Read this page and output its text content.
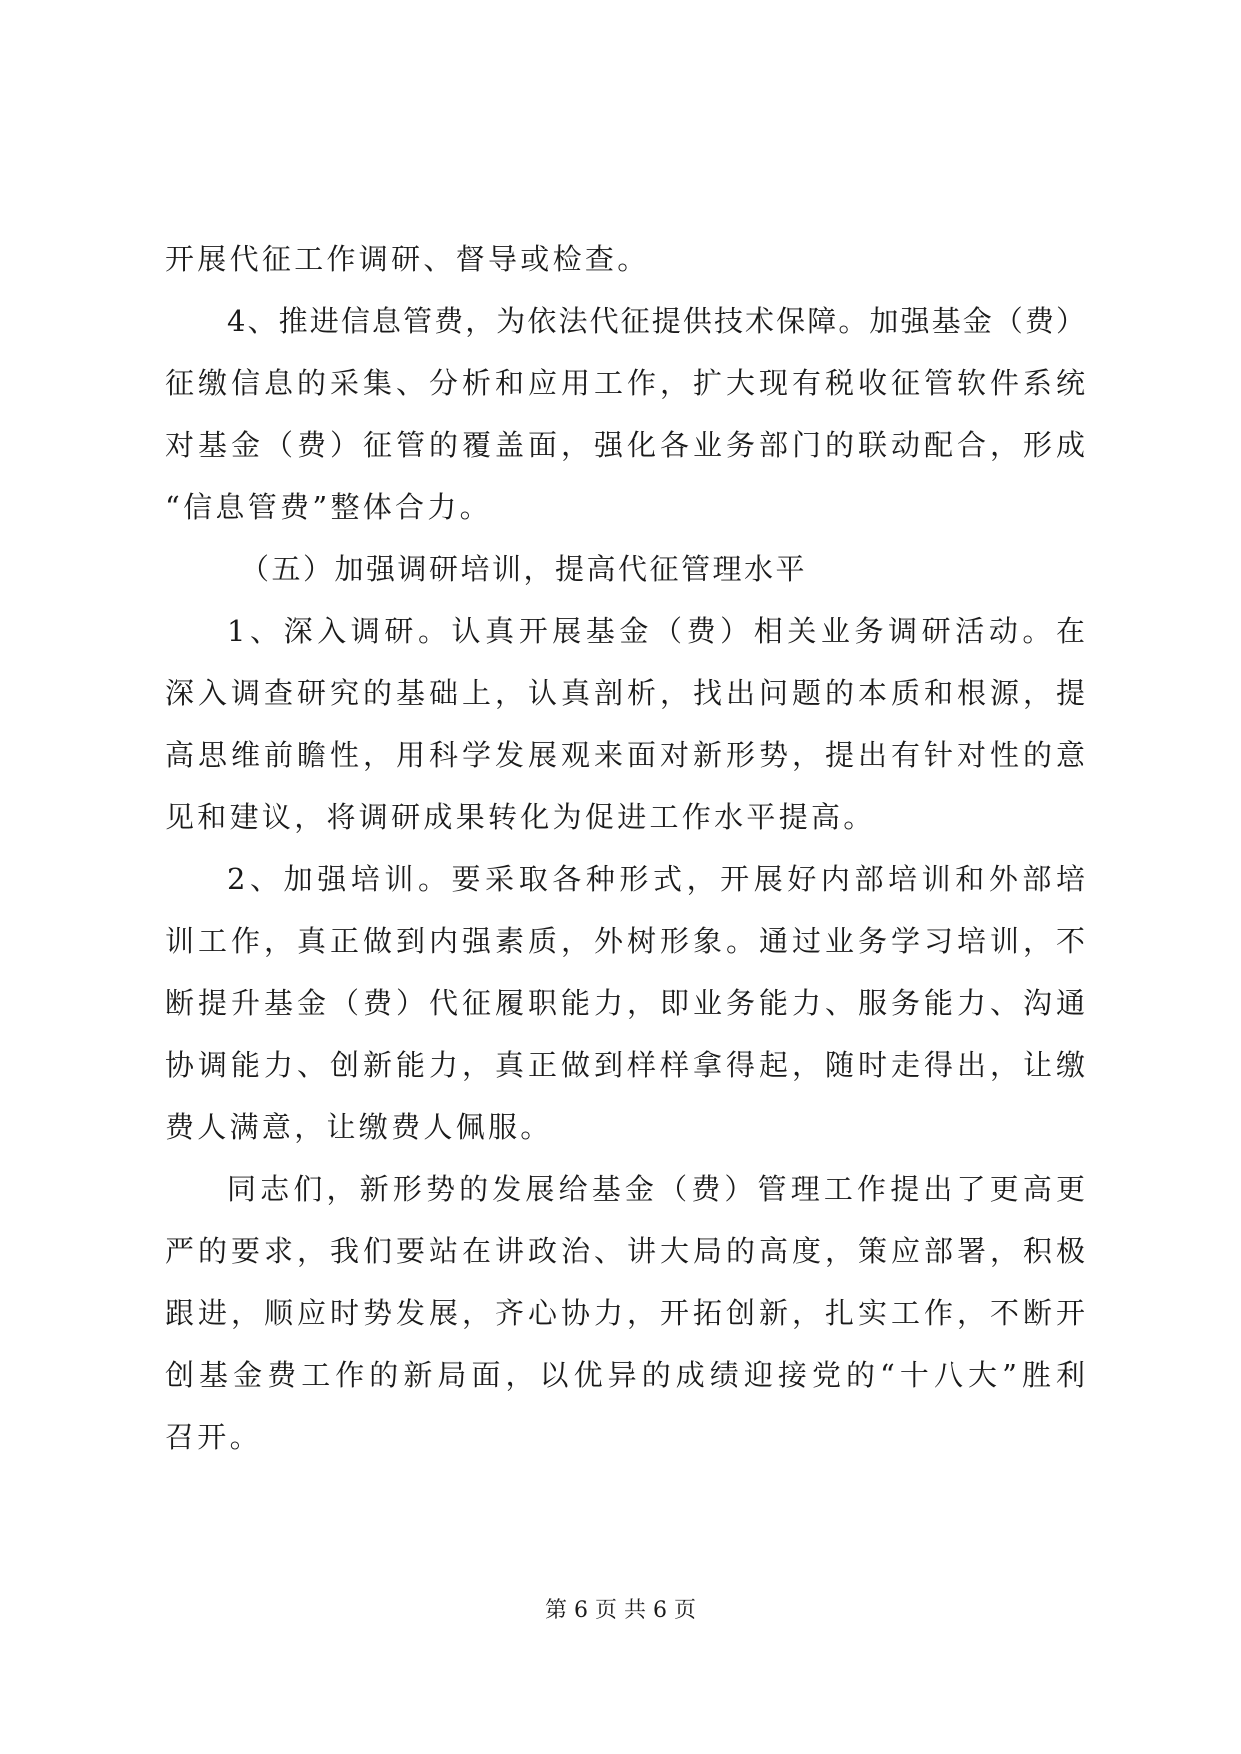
开展代征工作调研、督导或检查。
4、推进信息管费，为依法代征提供技术保障。加强基金（费）
征缴信息的采集、分析和应用工作，扩大现有税收征管软件系统
对基金（费）征管的覆盖面，强化各业务部门的联动配合，形成
“信息管费”整体合力。
（五）加强调研培训，提高代征管理水平
1、深入调研。认真开展基金（费）相关业务调研活动。在
深入调查研究的基础上，认真剖析，找出问题的本质和根源，提
高思维前瞻性，用科学发展观来面对新形势，提出有针对性的意
见和建议，将调研成果转化为促进工作水平提高。
2、加强培训。要采取各种形式，开展好内部培训和外部培
训工作，真正做到内强素质，外树形象。通过业务学习培训，不
断提升基金（费）代征履职能力，即业务能力、服务能力、沟通
协调能力、创新能力，真正做到样样拿得起，随时走得出，让缴
费人满意，让缴费人佩服。
同志们，新形势的发展给基金（费）管理工作提出了更高更
严的要求，我们要站在讲政治、讲大局的高度，策应部署，积极
跟进，顺应时势发展，齐心协力，开拓创新，扎实工作，不断开
创基金费工作的新局面，以优异的成绩迎接党的“十八大”胜利
召开。
第 6 页 共 6 页
